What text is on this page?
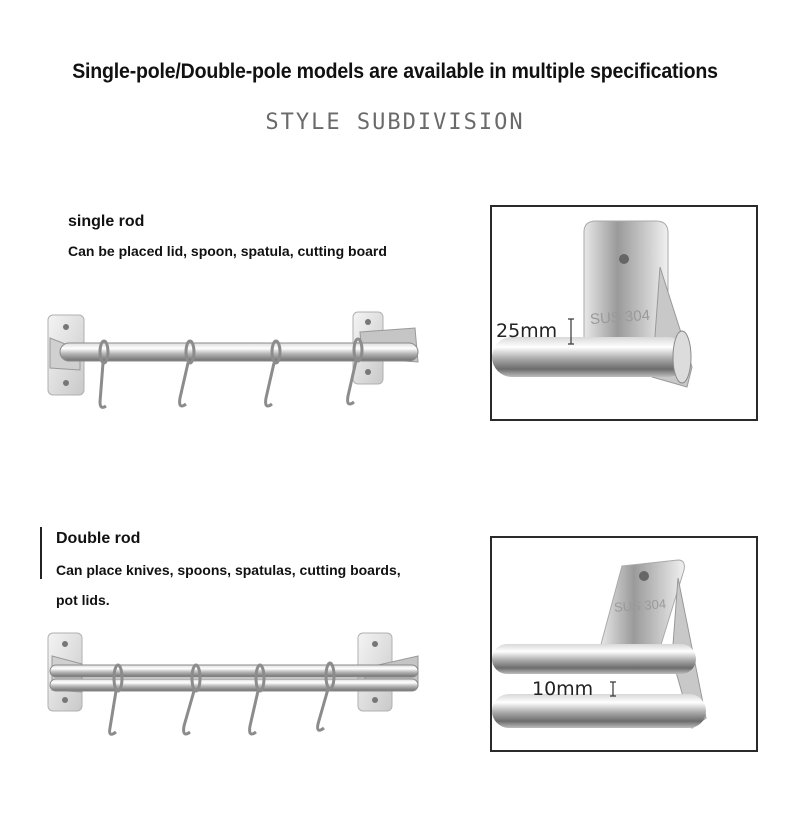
Single-pole/Double-pole models are available in multiple specifications
STYLE SUBDIVISION
single rod
Can be placed lid, spoon, spatula, cutting board
25mm
SUS 304
Double rod
Can place knives, spoons, spatulas, cutting boards,
pot lids.
10mm
SUS 304
